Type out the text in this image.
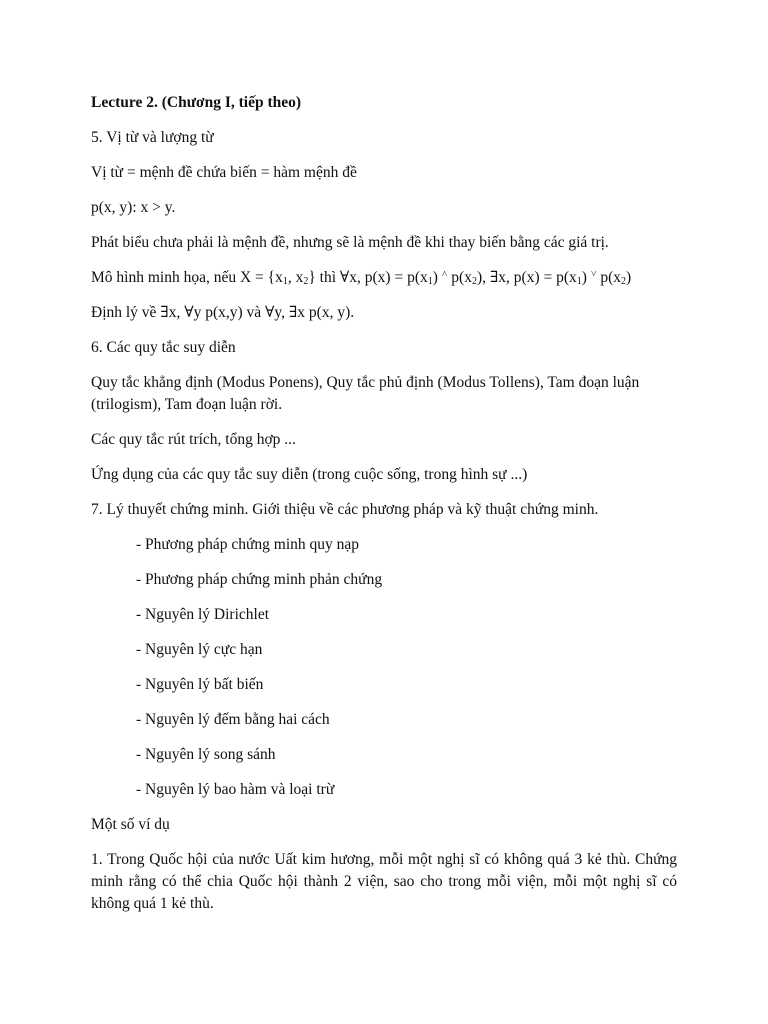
Lecture 2. (Chương I, tiếp theo)

5. Vị từ và lượng từ

Vị từ = mệnh đề chứa biến = hàm mệnh đề

p(x, y): x > y.

Phát biểu chưa phải là mệnh đề, nhưng sẽ là mệnh đề khi thay biến bằng các giá trị.

Mô hình minh họa, nếu $X = \{x_1$, $x_2$} thì ∀x, $p(x) = p(x_1)$ ˄ $p(x_2)$, ∃x, $p(x) = p(x_1)$ ˅ $p(x_2)$

Định lý về ∃x, ∀y p(x,y) và ∀y, ∃x p(x, y).

6. Các quy tắc suy diễn

Quy tắc khẳng định (Modus Ponens), Quy tắc phủ định (Modus Tollens), Tam đoạn luận (trilogism), Tam đoạn luận rời.

Các quy tắc rút trích, tổng hợp ...

Ứng dụng của các quy tắc suy diễn (trong cuộc sống, trong hình sự ...)

7. Lý thuyết chứng minh. Giới thiệu về các phương pháp và kỹ thuật chứng minh.

- Phương pháp chứng minh quy nạp

- Phương pháp chứng minh phản chứng

- Nguyên lý Dirichlet

- Nguyên lý cực hạn

- Nguyên lý bất biến

- Nguyên lý đếm bằng hai cách

- Nguyên lý song sánh

- Nguyên lý bao hàm và loại trừ

Một số ví dụ

1. Trong Quốc hội của nước Uất kim hương, mỗi một nghị sĩ có không quá 3 kẻ thù. Chứng minh rằng có thể chia Quốc hội thành 2 viện, sao cho trong mỗi viện, mỗi một nghị sĩ có không quá 1 kẻ thù.
